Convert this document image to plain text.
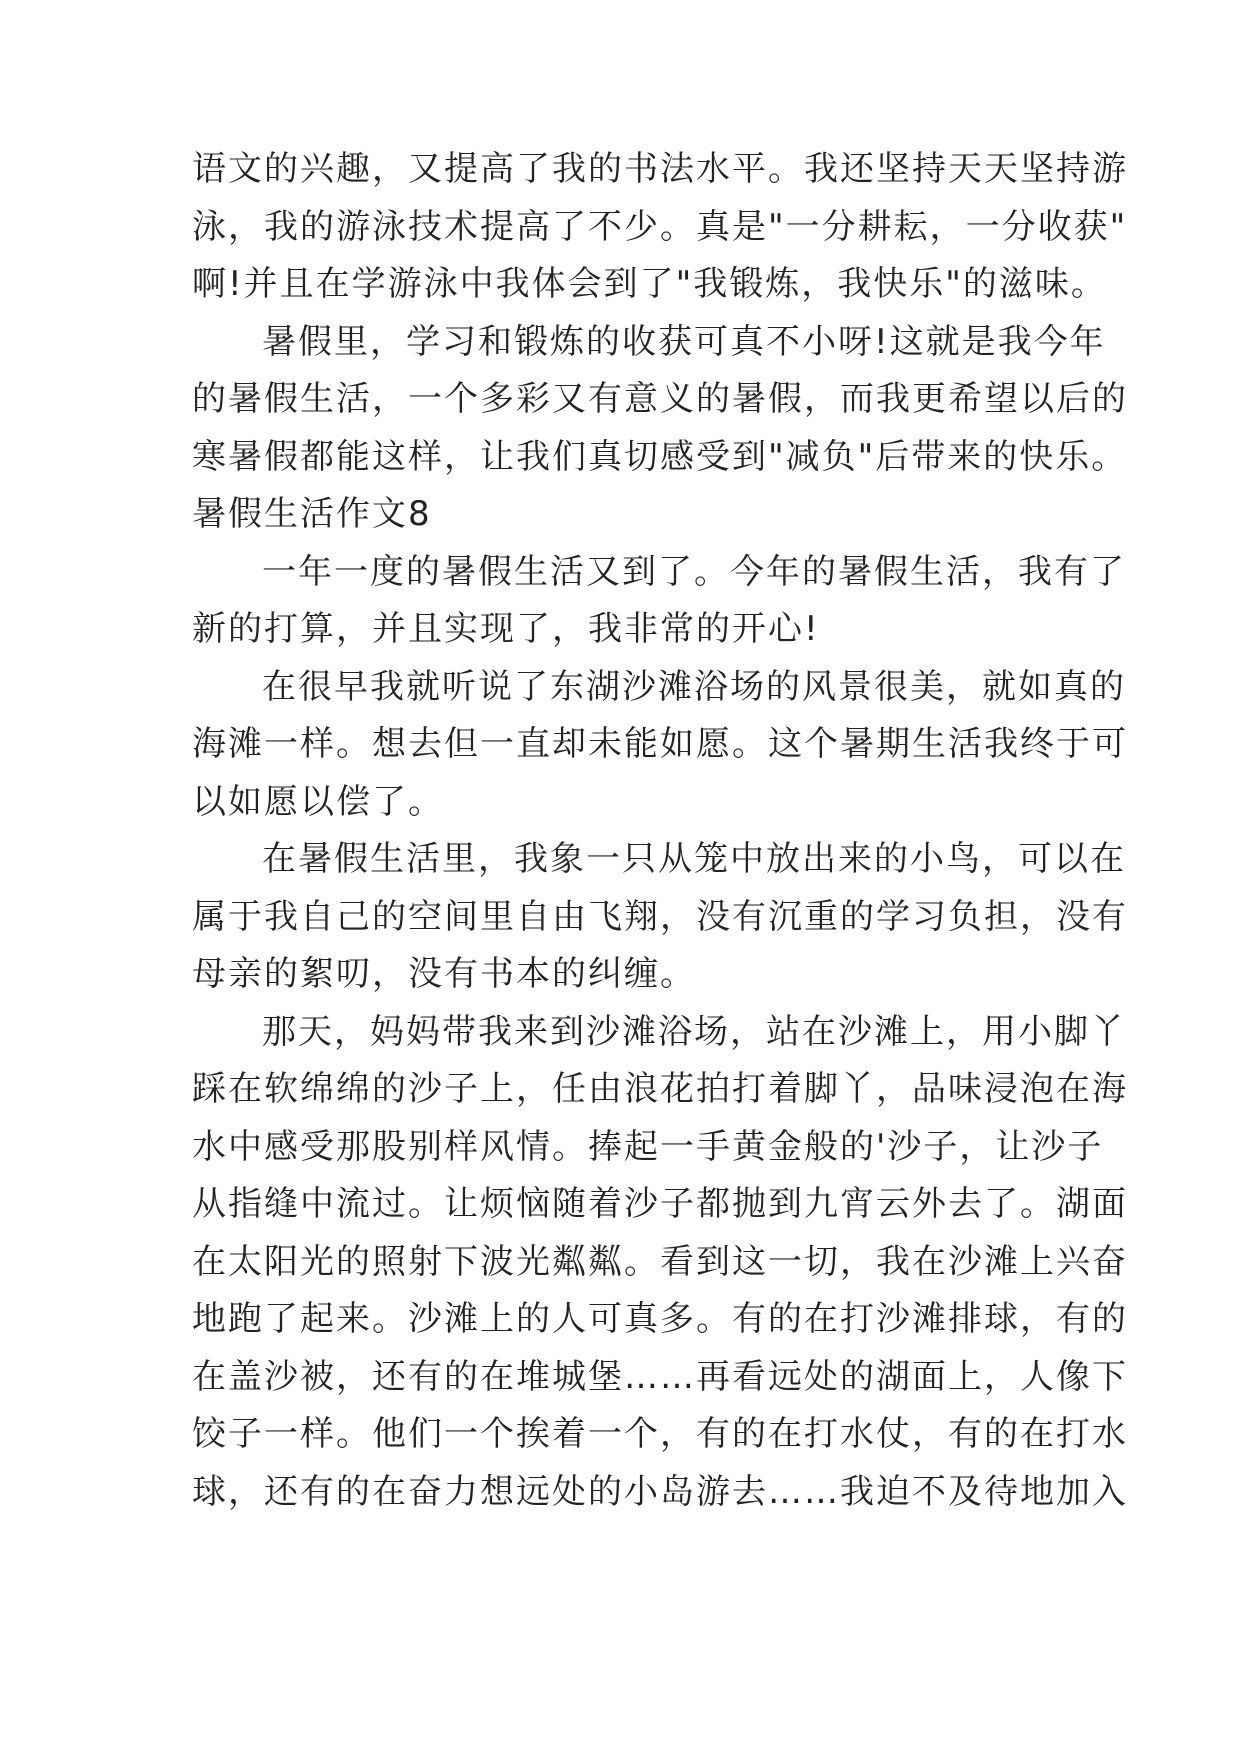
语文的兴趣，又提高了我的书法水平。我还坚持天天坚持游
泳，我的游泳技术提高了不少。真是"一分耕耘，一分收获"
啊!并且在学游泳中我体会到了"我锻炼，我快乐"的滋味。
暑假里，学习和锻炼的收获可真不小呀!这就是我今年
的暑假生活，一个多彩又有意义的暑假，而我更希望以后的
寒暑假都能这样，让我们真切感受到"减负"后带来的快乐。
暑假生活作文8
一年一度的暑假生活又到了。今年的暑假生活，我有了
新的打算，并且实现了，我非常的开心!
在很早我就听说了东湖沙滩浴场的风景很美，就如真的
海滩一样。想去但一直却未能如愿。这个暑期生活我终于可
以如愿以偿了。
在暑假生活里，我象一只从笼中放出来的小鸟，可以在
属于我自己的空间里自由飞翔，没有沉重的学习负担，没有
母亲的絮叨，没有书本的纠缠。
那天，妈妈带我来到沙滩浴场，站在沙滩上，用小脚丫
踩在软绵绵的沙子上，任由浪花拍打着脚丫，品味浸泡在海
水中感受那股别样风情。捧起一手黄金般的'沙子，让沙子
从指缝中流过。让烦恼随着沙子都抛到九宵云外去了。湖面
在太阳光的照射下波光粼粼。看到这一切，我在沙滩上兴奋
地跑了起来。沙滩上的人可真多。有的在打沙滩排球，有的
在盖沙被，还有的在堆城堡……再看远处的湖面上，人像下
饺子一样。他们一个挨着一个，有的在打水仗，有的在打水
球，还有的在奋力想远处的小岛游去……我迫不及待地加入
